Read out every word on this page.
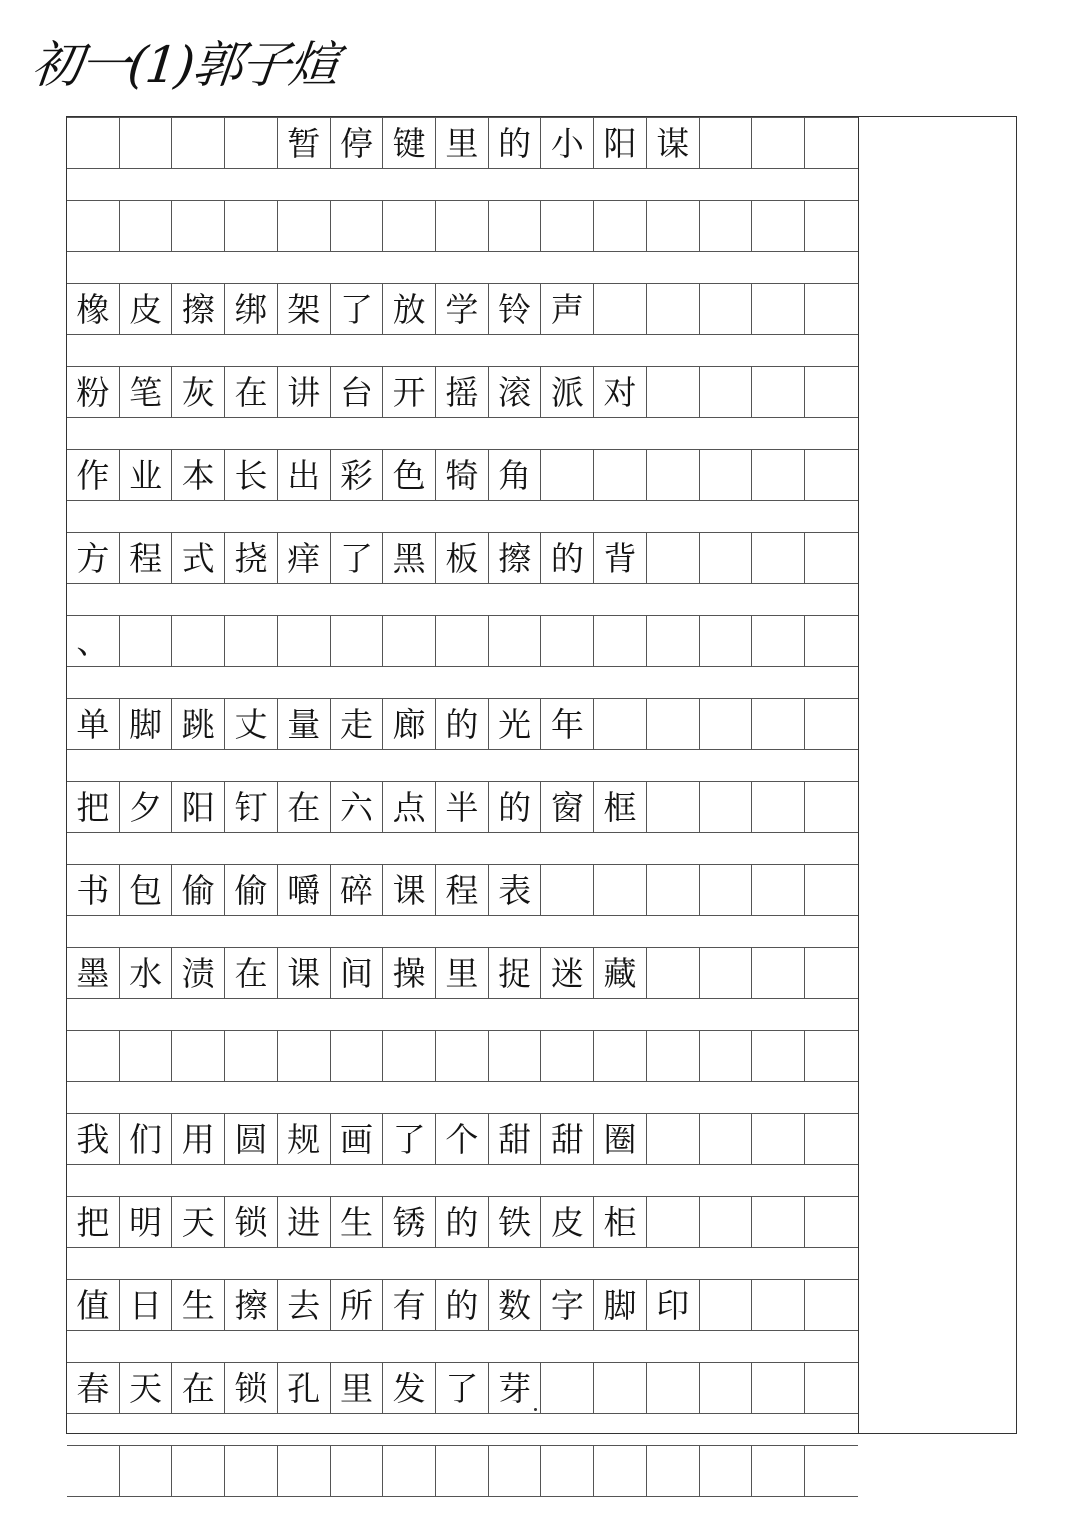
初一(1)郭子煊
暂 停 键 里 的 小 阳 谋
橡 皮 擦 绑 架 了 放 学 铃 声
粉 笔 灰 在 讲 台 开 摇 滚 派 对
作 业 本 长 出 彩 色 犄 角
方 程 式 挠 痒 了 黑 板 擦 的 背
、
单 脚 跳 丈 量 走 廊 的 光 年
把 夕 阳 钉 在 六 点 半 的 窗 框
书 包 偷 偷 嚼 碎 课 程 表
墨 水 渍 在 课 间 操 里 捉 迷 藏
我 们 用 圆 规 画 了 个 甜 甜 圈
把 明 天 锁 进 生 锈 的 铁 皮 柜
值 日 生 擦 去 所 有 的 数 字 脚 印
春 天 在 锁 孔 里 发 了 芽
